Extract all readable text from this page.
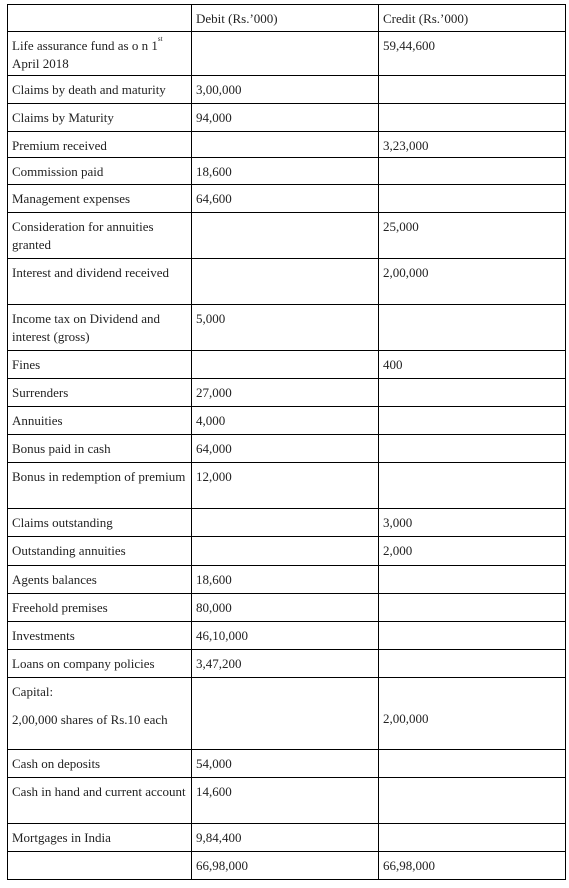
	Debit (Rs.’000)	Credit (Rs.’000)
Life assurance fund as o n 1st
April 2018		59,44,600
Claims by death and maturity	3,00,000	
Claims by Maturity	94,000	
Premium received		3,23,000
Commission paid	18,600	
Management expenses	64,600	
Consideration for annuities granted		25,000
Interest and dividend received		2,00,000
Income tax on Dividend and interest (gross)	5,000	
Fines		400
Surrenders	27,000	
Annuities	4,000	
Bonus paid in cash	64,000	
Bonus in redemption of premium	12,000	
Claims outstanding		3,000
Outstanding annuities		2,000
Agents balances	18,600	
Freehold premises	80,000	
Investments	46,10,000	
Loans on company policies	3,47,200	

Capital:
2,00,000 shares of Rs.10 each		2,00,000
Cash on deposits	54,000	
Cash in hand and current account	14,600	
Mortgages in India	9,84,400	
	66,98,000	66,98,000
